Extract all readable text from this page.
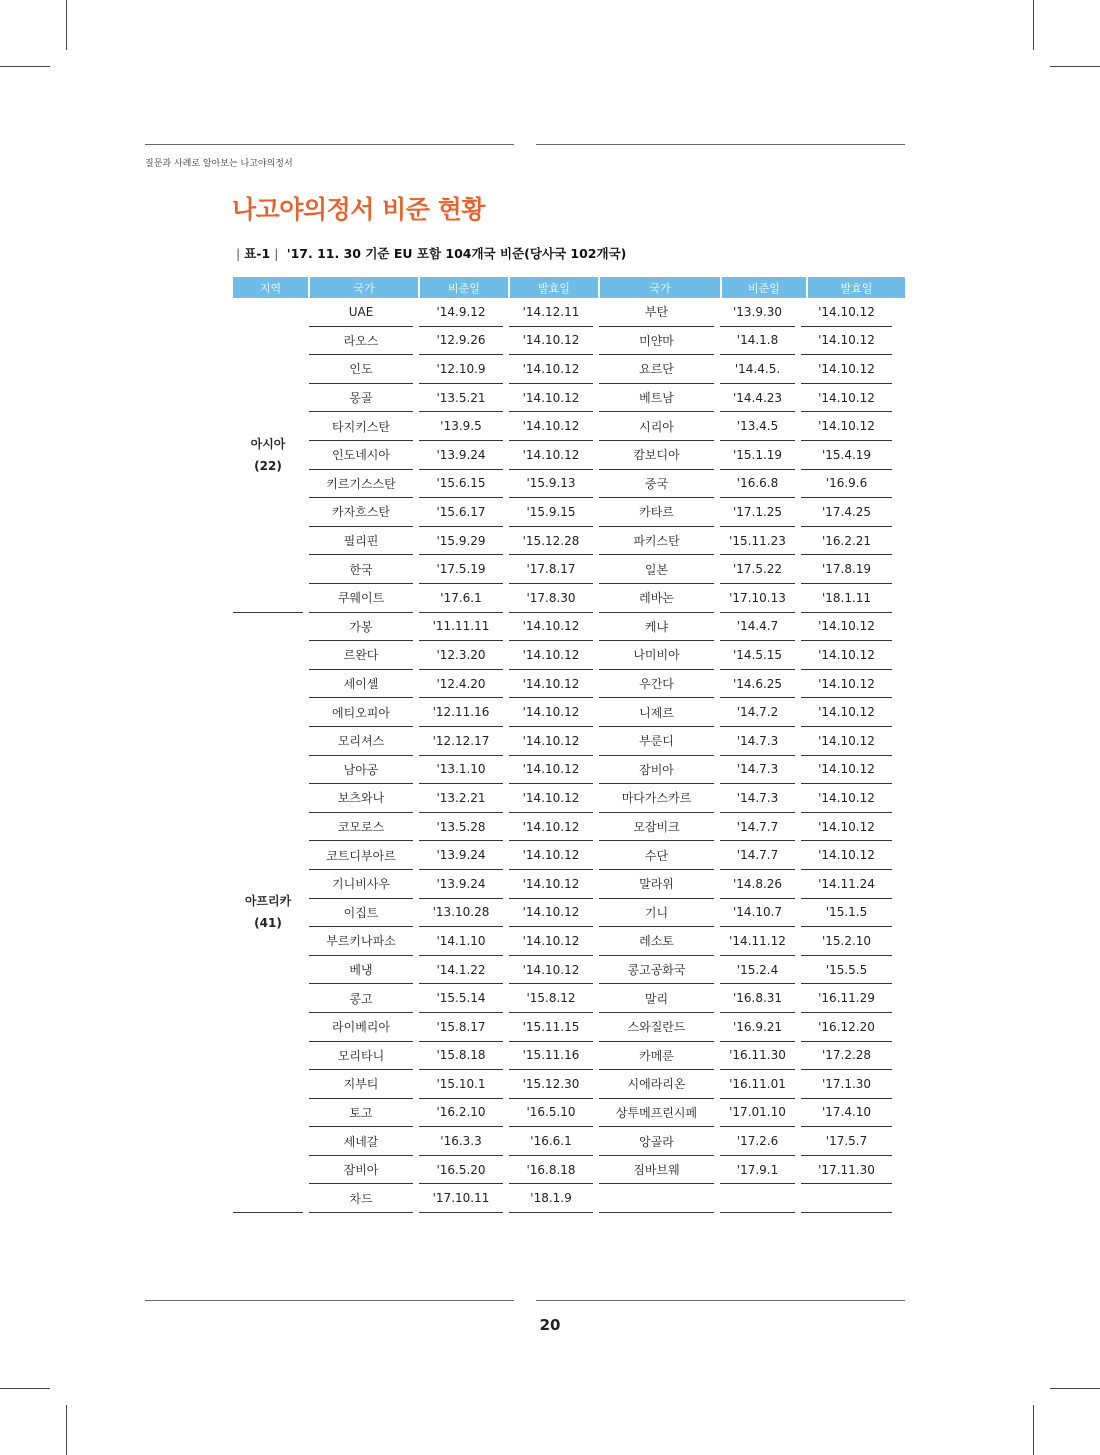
질문과 사례로 알아보는 나고야의정서
나고야의정서 비준 현황
| 표-1 | '17. 11. 30 기준 EU 포함 104개국 비준(당사국 102개국)
지역	국가	비준일	발효일	국가	비준일	발효일
아시아
(22)
UAE	'14.9.12	'14.12.11	부탄	'13.9.30	'14.10.12
라오스	'12.9.26	'14.10.12	미얀마	'14.1.8	'14.10.12
인도	'12.10.9	'14.10.12	요르단	'14.4.5.	'14.10.12
몽골	'13.5.21	'14.10.12	베트남	'14.4.23	'14.10.12
타지키스탄	'13.9.5	'14.10.12	시리아	'13.4.5	'14.10.12
인도네시아	'13.9.24	'14.10.12	캄보디아	'15.1.19	'15.4.19
키르기스스탄	'15.6.15	'15.9.13	중국	'16.6.8	'16.9.6
카자흐스탄	'15.6.17	'15.9.15	카타르	'17.1.25	'17.4.25
필리핀	'15.9.29	'15.12.28	파키스탄	'15.11.23	'16.2.21
한국	'17.5.19	'17.8.17	일본	'17.5.22	'17.8.19
쿠웨이트	'17.6.1	'17.8.30	레바논	'17.10.13	'18.1.11
아프리카
(41)
가봉	'11.11.11	'14.10.12	케냐	'14.4.7	'14.10.12
르완다	'12.3.20	'14.10.12	나미비아	'14.5.15	'14.10.12
세이셸	'12.4.20	'14.10.12	우간다	'14.6.25	'14.10.12
에티오피아	'12.11.16	'14.10.12	니제르	'14.7.2	'14.10.12
모리셔스	'12.12.17	'14.10.12	부룬디	'14.7.3	'14.10.12
남아공	'13.1.10	'14.10.12	잠비아	'14.7.3	'14.10.12
보츠와나	'13.2.21	'14.10.12	마다가스카르	'14.7.3	'14.10.12
코모로스	'13.5.28	'14.10.12	모잠비크	'14.7.7	'14.10.12
코트디부아르	'13.9.24	'14.10.12	수단	'14.7.7	'14.10.12
기니비사우	'13.9.24	'14.10.12	말라위	'14.8.26	'14.11.24
이집트	'13.10.28	'14.10.12	기니	'14.10.7	'15.1.5
부르키나파소	'14.1.10	'14.10.12	레소토	'14.11.12	'15.2.10
베냉	'14.1.22	'14.10.12	콩고공화국	'15.2.4	'15.5.5
콩고	'15.5.14	'15.8.12	말리	'16.8.31	'16.11.29
라이베리아	'15.8.17	'15.11.15	스와질란드	'16.9.21	'16.12.20
모리타니	'15.8.18	'15.11.16	카메룬	'16.11.30	'17.2.28
지부티	'15.10.1	'15.12.30	시에라리온	'16.11.01	'17.1.30
토고	'16.2.10	'16.5.10	상투메프린시페	'17.01.10	'17.4.10
세네갈	'16.3.3	'16.6.1	앙골라	'17.2.6	'17.5.7
잠비아	'16.5.20	'16.8.18	짐바브웨	'17.9.1	'17.11.30
차드	'17.10.11	'18.1.9
20
